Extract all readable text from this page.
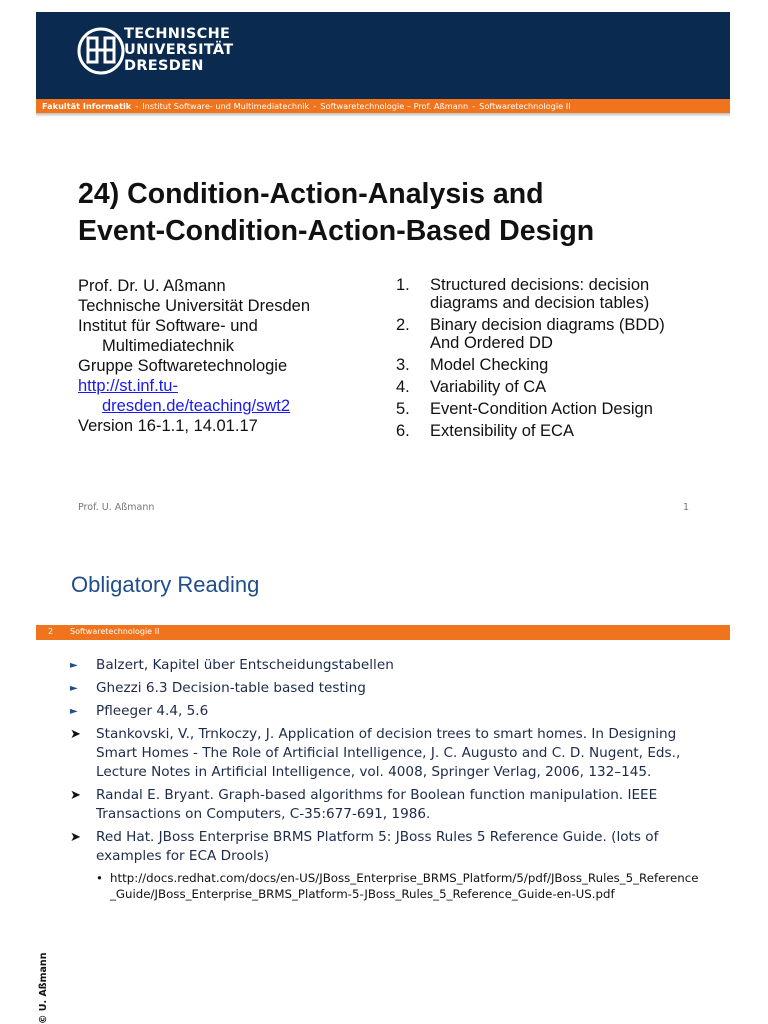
TECHNISCHE
UNIVERSITÄT
DRESDEN
Fakultät Informatik - Institut Software- und Multimediatechnik - Softwaretechnologie – Prof. Aßmann - Softwaretechnologie II
24) Condition-Action-Analysis and
Event-Condition-Action-Based Design
Prof. Dr. U. Aßmann
Technische Universität Dresden
Institut für Software- und
Multimediatechnik
Gruppe Softwaretechnologie
http://st.inf.tu-
dresden.de/teaching/swt2
Version 16-1.1, 14.01.17
1. Structured decisions: decision
diagrams and decision tables)
2. Binary decision diagrams (BDD)
And Ordered DD
3. Model Checking
4. Variability of CA
5. Event-Condition Action Design
6. Extensibility of ECA
Prof. U. Aßmann	1
Obligatory Reading
2 Softwaretechnologie II
► Balzert, Kapitel über Entscheidungstabellen
► Ghezzi 6.3 Decision-table based testing
► Pfleeger 4.4, 5.6
➤ Stankovski, V., Trnkoczy, J. Application of decision trees to smart homes. In Designing Smart Homes - The Role of Artificial Intelligence, J. C. Augusto and C. D. Nugent, Eds., Lecture Notes in Artificial Intelligence, vol. 4008, Springer Verlag, 2006, 132–145.
➤ Randal E. Bryant. Graph-based algorithms for Boolean function manipulation. IEEE Transactions on Computers, C-35:677-691, 1986.
➤ Red Hat. JBoss Enterprise BRMS Platform 5: JBoss Rules 5 Reference Guide. (lots of examples for ECA Drools)
• http://docs.redhat.com/docs/en-US/JBoss_Enterprise_BRMS_Platform/5/pdf/JBoss_Rules_5_Reference_Guide/JBoss_Enterprise_BRMS_Platform-5-JBoss_Rules_5_Reference_Guide-en-US.pdf
© U. Aßmann
